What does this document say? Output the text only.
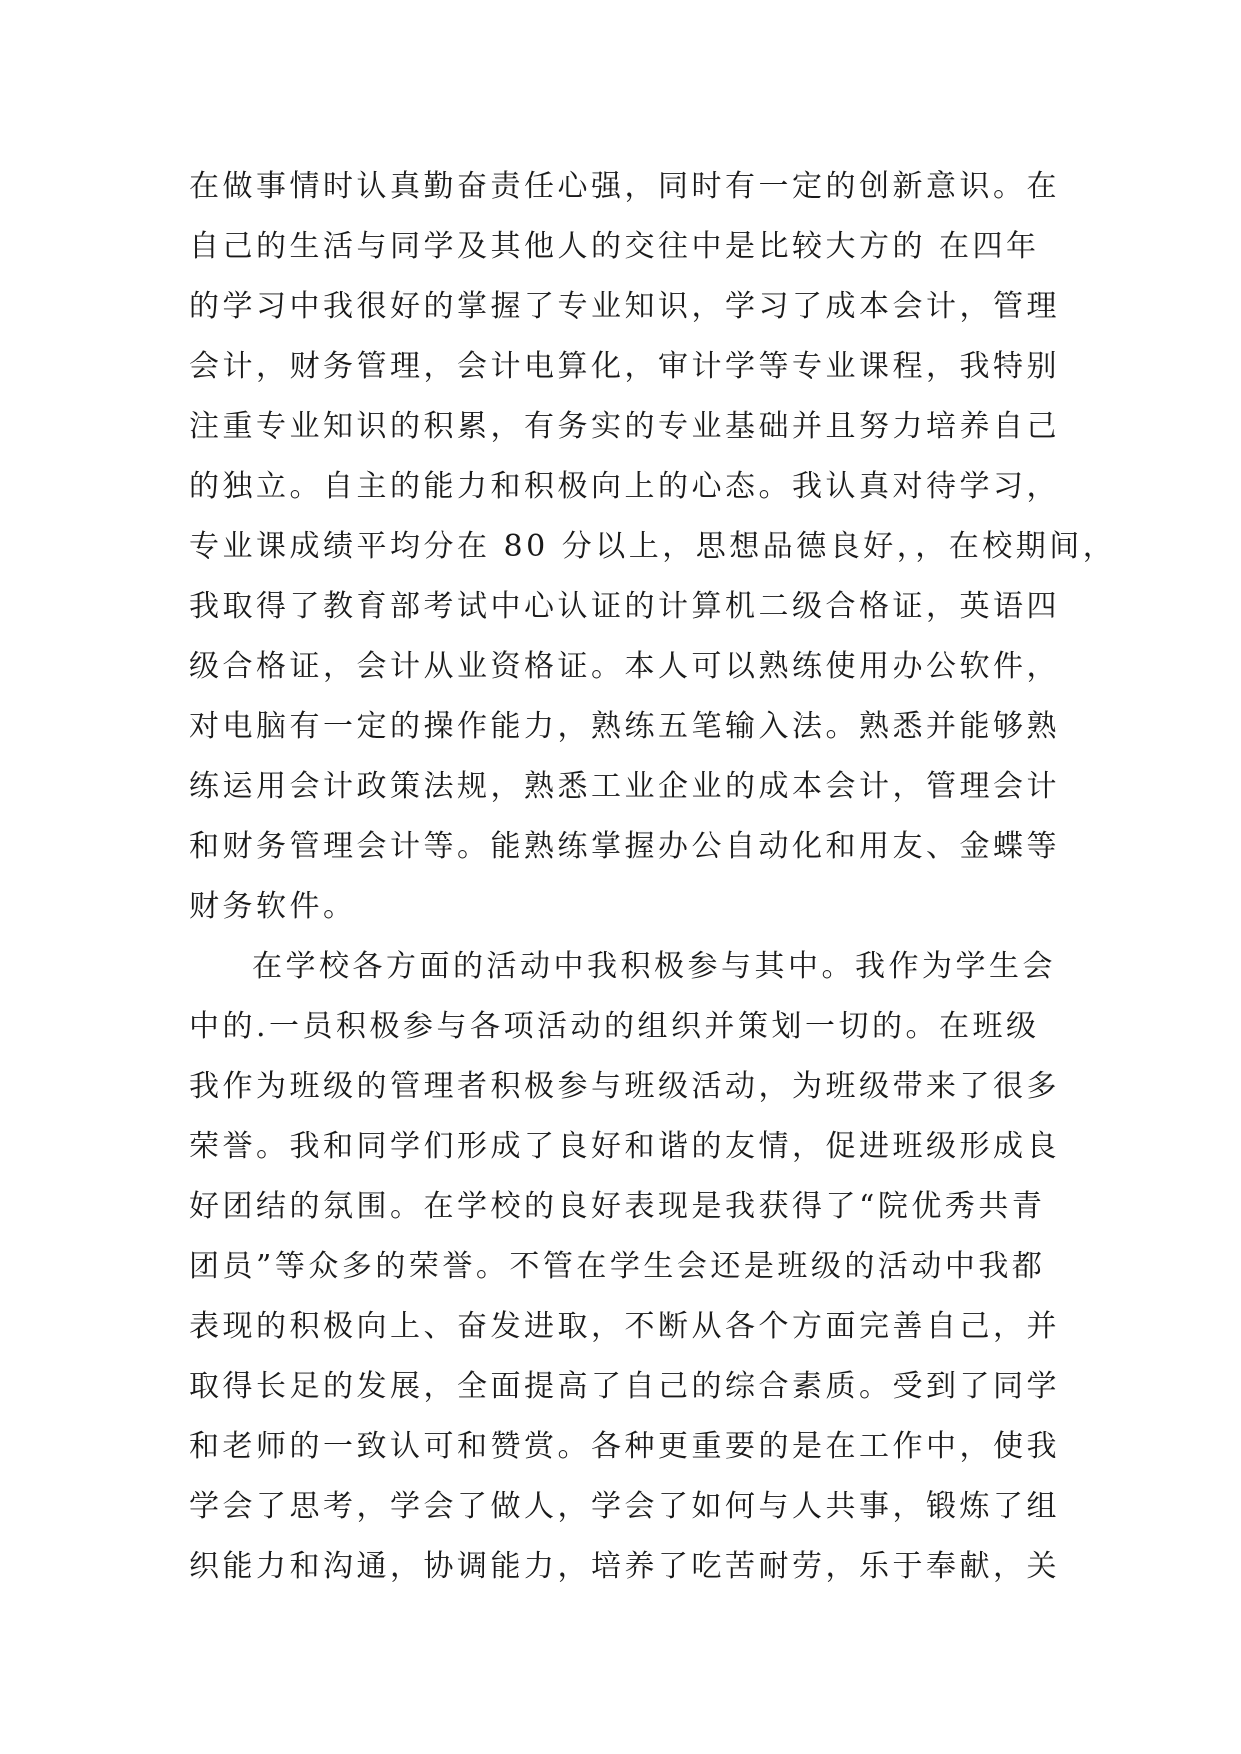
在做事情时认真勤奋责任心强，同时有一定的创新意识。在
自己的生活与同学及其他人的交往中是比较大方的 在四年
的学习中我很好的掌握了专业知识，学习了成本会计，管理
会计，财务管理，会计电算化，审计学等专业课程，我特别
注重专业知识的积累，有务实的专业基础并且努力培养自己
的独立。自主的能力和积极向上的心态。我认真对待学习，
专业课成绩平均分在 80 分以上，思想品德良好，，在校期间，
我取得了教育部考试中心认证的计算机二级合格证，英语四
级合格证，会计从业资格证。本人可以熟练使用办公软件，
对电脑有一定的操作能力，熟练五笔输入法。熟悉并能够熟
练运用会计政策法规，熟悉工业企业的成本会计，管理会计
和财务管理会计等。能熟练掌握办公自动化和用友、金蝶等
财务软件。
在学校各方面的活动中我积极参与其中。我作为学生会
中的.一员积极参与各项活动的组织并策划一切的。在班级
我作为班级的管理者积极参与班级活动，为班级带来了很多
荣誉。我和同学们形成了良好和谐的友情，促进班级形成良
好团结的氛围。在学校的良好表现是我获得了“院优秀共青
团员”等众多的荣誉。不管在学生会还是班级的活动中我都
表现的积极向上、奋发进取，不断从各个方面完善自己，并
取得长足的发展，全面提高了自己的综合素质。受到了同学
和老师的一致认可和赞赏。各种更重要的是在工作中，使我
学会了思考，学会了做人，学会了如何与人共事，锻炼了组
织能力和沟通，协调能力，培养了吃苦耐劳，乐于奉献，关
